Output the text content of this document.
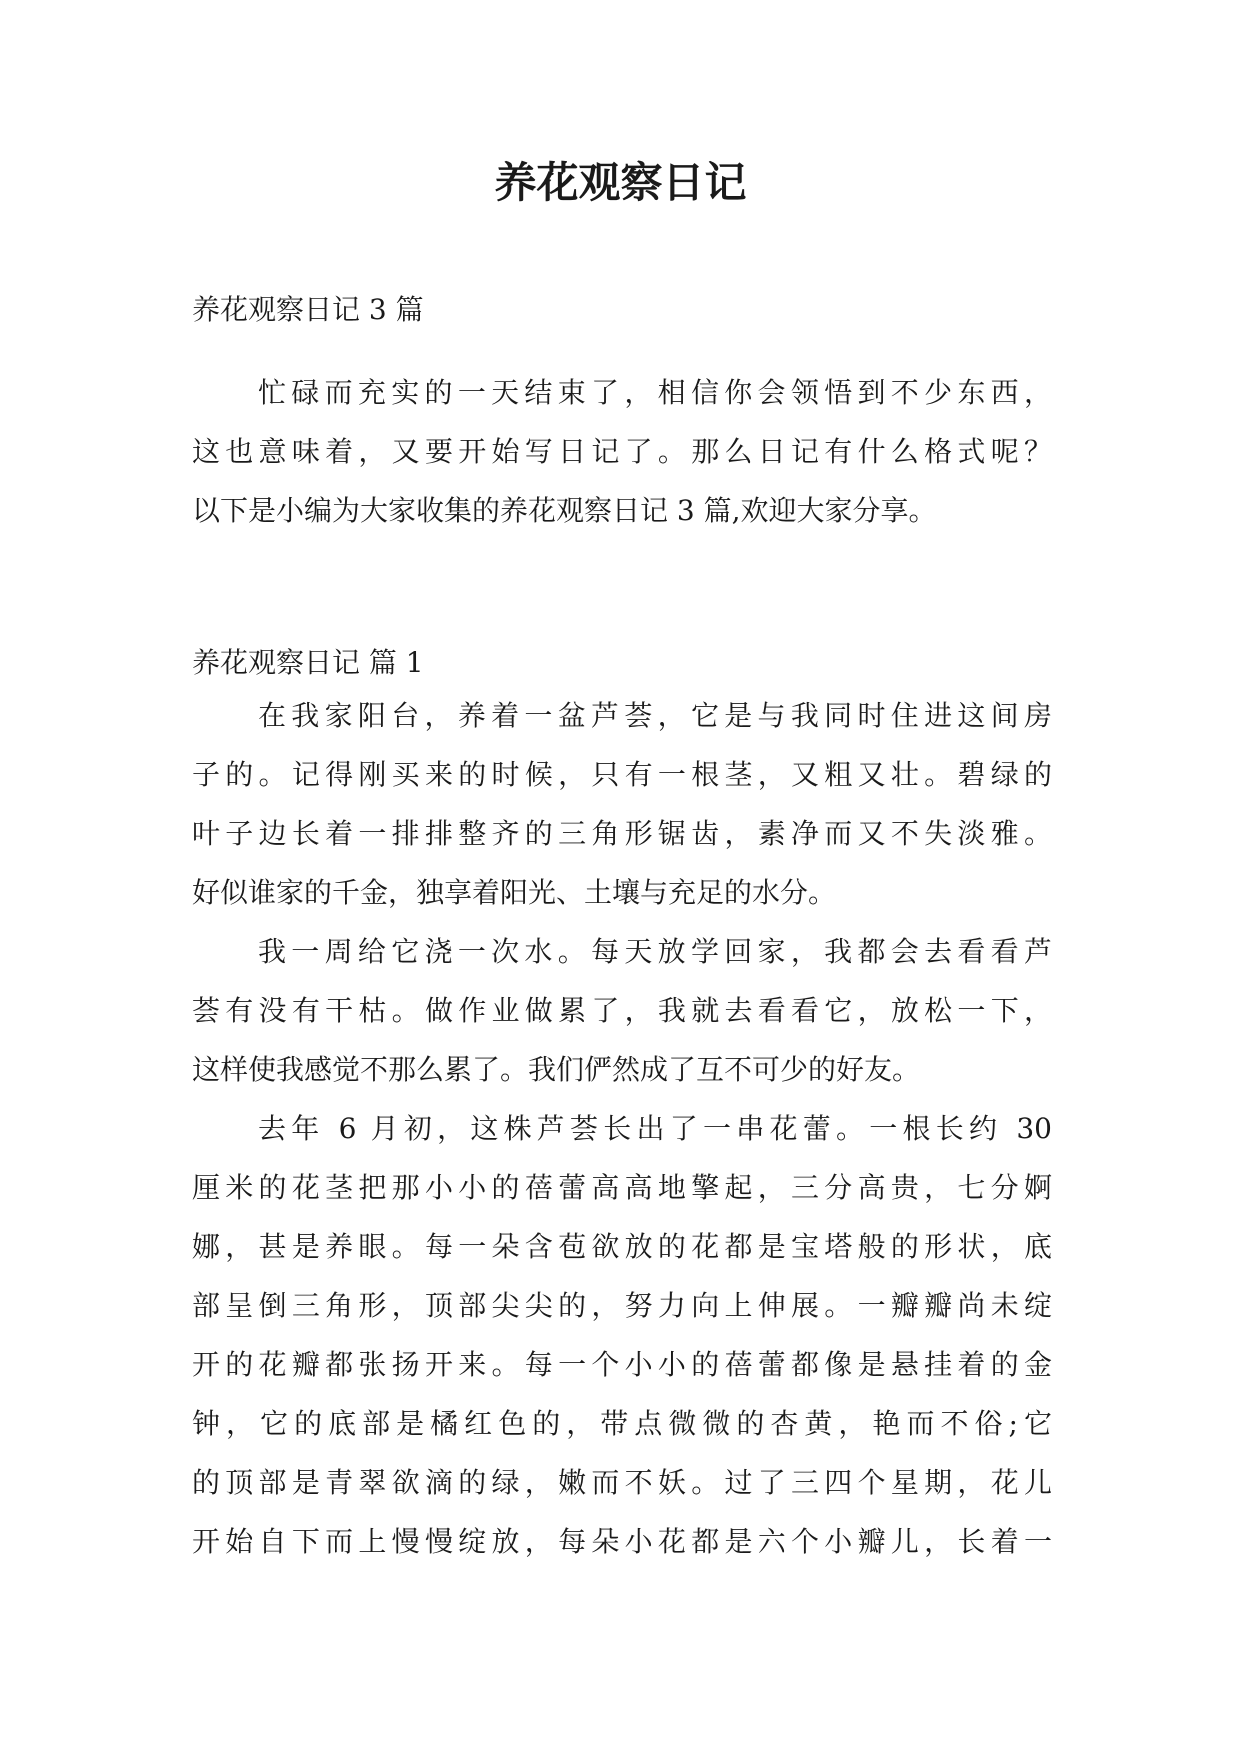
养花观察日记

养花观察日记 3 篇

忙碌而充实的一天结束了，相信你会领悟到不少东西，
这也意味着，又要开始写日记了。那么日记有什么格式呢？
以下是小编为大家收集的养花观察日记 3 篇,欢迎大家分享。

养花观察日记 篇 1

在我家阳台，养着一盆芦荟，它是与我同时住进这间房
子的。记得刚买来的时候，只有一根茎，又粗又壮。碧绿的
叶子边长着一排排整齐的三角形锯齿，素净而又不失淡雅。
好似谁家的千金，独享着阳光、土壤与充足的水分。
我一周给它浇一次水。每天放学回家，我都会去看看芦
荟有没有干枯。做作业做累了，我就去看看它，放松一下，
这样使我感觉不那么累了。我们俨然成了互不可少的好友。
去年 6 月初，这株芦荟长出了一串花蕾。一根长约 30
厘米的花茎把那小小的蓓蕾高高地擎起，三分高贵，七分婀
娜，甚是养眼。每一朵含苞欲放的花都是宝塔般的形状，底
部呈倒三角形，顶部尖尖的，努力向上伸展。一瓣瓣尚未绽
开的花瓣都张扬开来。每一个小小的蓓蕾都像是悬挂着的金
钟，它的底部是橘红色的，带点微微的杏黄，艳而不俗;它
的顶部是青翠欲滴的绿，嫩而不妖。过了三四个星期，花儿
开始自下而上慢慢绽放，每朵小花都是六个小瓣儿，长着一
